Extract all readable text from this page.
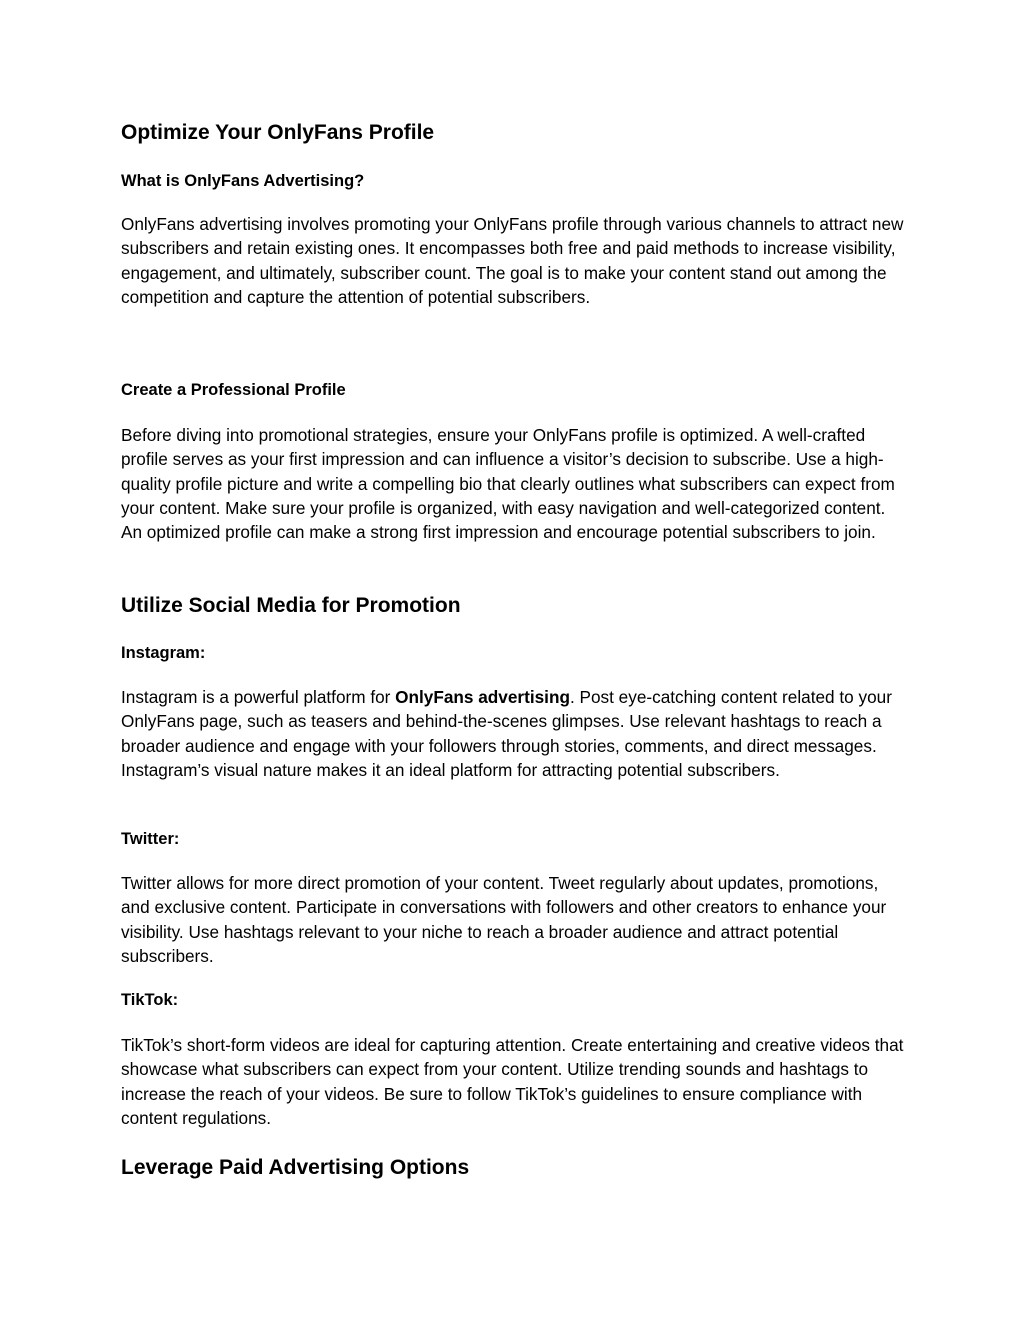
Optimize Your OnlyFans Profile
What is OnlyFans Advertising?

OnlyFans advertising involves promoting your OnlyFans profile through various channels to attract new subscribers and retain existing ones. It encompasses both free and paid methods to increase visibility, engagement, and ultimately, subscriber count. The goal is to make your content stand out among the competition and capture the attention of potential subscribers.

Create a Professional Profile

Before diving into promotional strategies, ensure your OnlyFans profile is optimized. A well-crafted profile serves as your first impression and can influence a visitor’s decision to subscribe. Use a high-quality profile picture and write a compelling bio that clearly outlines what subscribers can expect from your content. Make sure your profile is organized, with easy navigation and well-categorized content. An optimized profile can make a strong first impression and encourage potential subscribers to join.

Utilize Social Media for Promotion
Instagram:

Instagram is a powerful platform for OnlyFans advertising. Post eye-catching content related to your OnlyFans page, such as teasers and behind-the-scenes glimpses. Use relevant hashtags to reach a broader audience and engage with your followers through stories, comments, and direct messages. Instagram’s visual nature makes it an ideal platform for attracting potential subscribers.

Twitter:

Twitter allows for more direct promotion of your content. Tweet regularly about updates, promotions, and exclusive content. Participate in conversations with followers and other creators to enhance your visibility. Use hashtags relevant to your niche to reach a broader audience and attract potential subscribers.

TikTok:

TikTok’s short-form videos are ideal for capturing attention. Create entertaining and creative videos that showcase what subscribers can expect from your content. Utilize trending sounds and hashtags to increase the reach of your videos. Be sure to follow TikTok’s guidelines to ensure compliance with content regulations.

Leverage Paid Advertising Options
